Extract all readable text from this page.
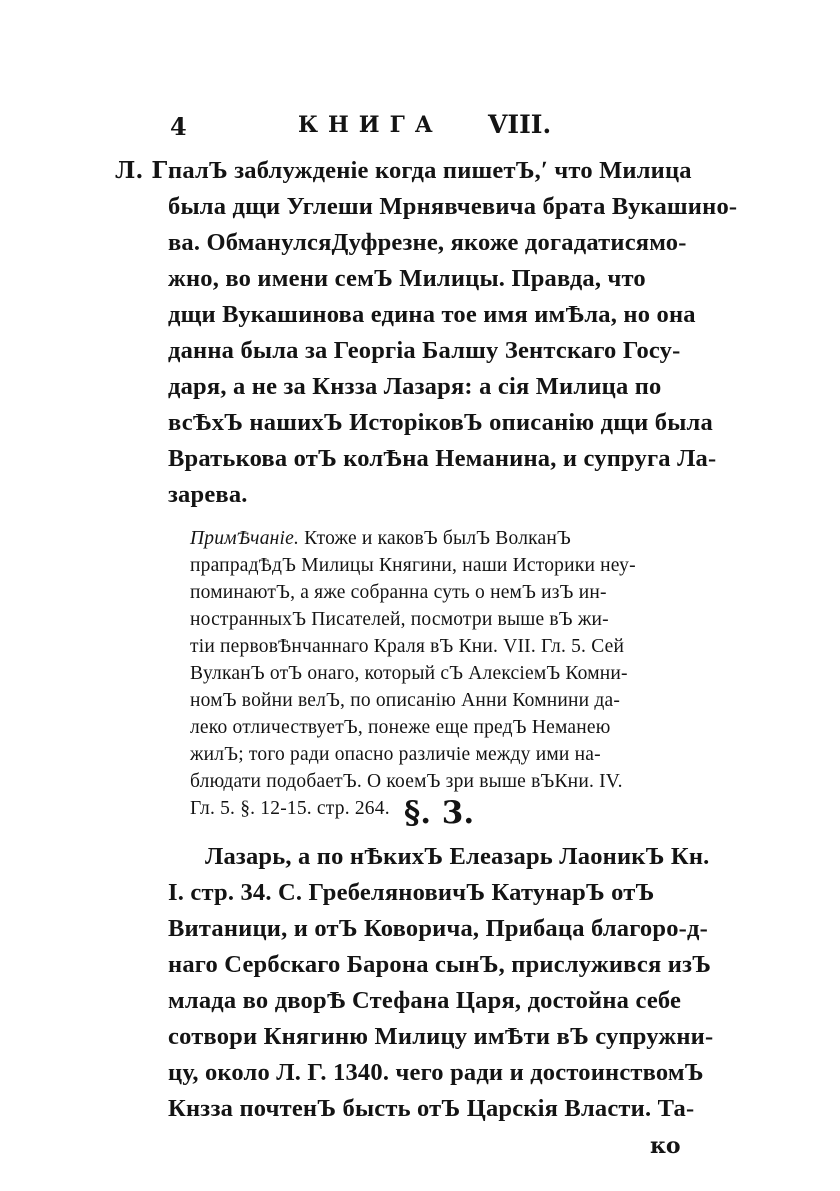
4	КНИГА VIII.
Л. Г.
палЪ заблужденіе когда пишетЪ,ʹ что Милица
была дщи Углеши Мрнявчевича брата Вукашино-
ва. ОбманулсяДуфрезне, якоже догадатисямо-
жно, во имени семЪ Милицы. Правда, что
дщи Вукашинова едина тое имя имѢла, но она
данна была за Георгіа Балшу Зентскаго Госу-
даря, а не за Кнзза Лазаря: а сія Милица по
всѢхЪ нашихЪ ИсторіковЪ описанію дщи была
Вратькова отЪ колѢна Неманина, и супруга Ла-
зарева.
ПримѢчаніе. Ктоже и каковЪ былЪ ВолканЪ
прапрадѢдЪ Милицы Княгини, наши Историки неу-
поминаютЪ, а яже собранна суть о немЪ изЪ ин-
ностранныхЪ Писателей, посмотри выше вЪ жи-
тіи первовѢнчаннаго Краля вЪ Кни. VII. Гл. 5. Сей
ВулканЪ отЪ онаго, который сЪ АлексіемЪ Комни-
номЪ войни велЪ, по описанію Анни Комнини да-
леко отличествуетЪ, понеже еще предЪ Неманею
жилЪ; того ради опасно различіе между ими на-
блюдати подобаетЪ. О коемЪ зри выше вЪКни. IV.
Гл. 5. §. 12-15. стр. 264. §. 3.
Лазарь, а по нѢкихЪ Елеазарь ЛаоникЪ Кн.
I. стр. 34. С. ГребеляновичЪ КатунарЪ отЪ
Витаници, и отЪ Коворича, Прибаца благоро-д-
наго Сербскаго Барона сынЪ, прислужився изЪ
млада во дворѢ Стефана Царя, достойна себе
сотвори Княгиню Милицу имѢти вЪ супружни-
цу, около Л. Г. 1340. чего ради и достоинствомЪ
Кнзза почтенЪ бысть отЪ Царскія Власти. Та-
ко
